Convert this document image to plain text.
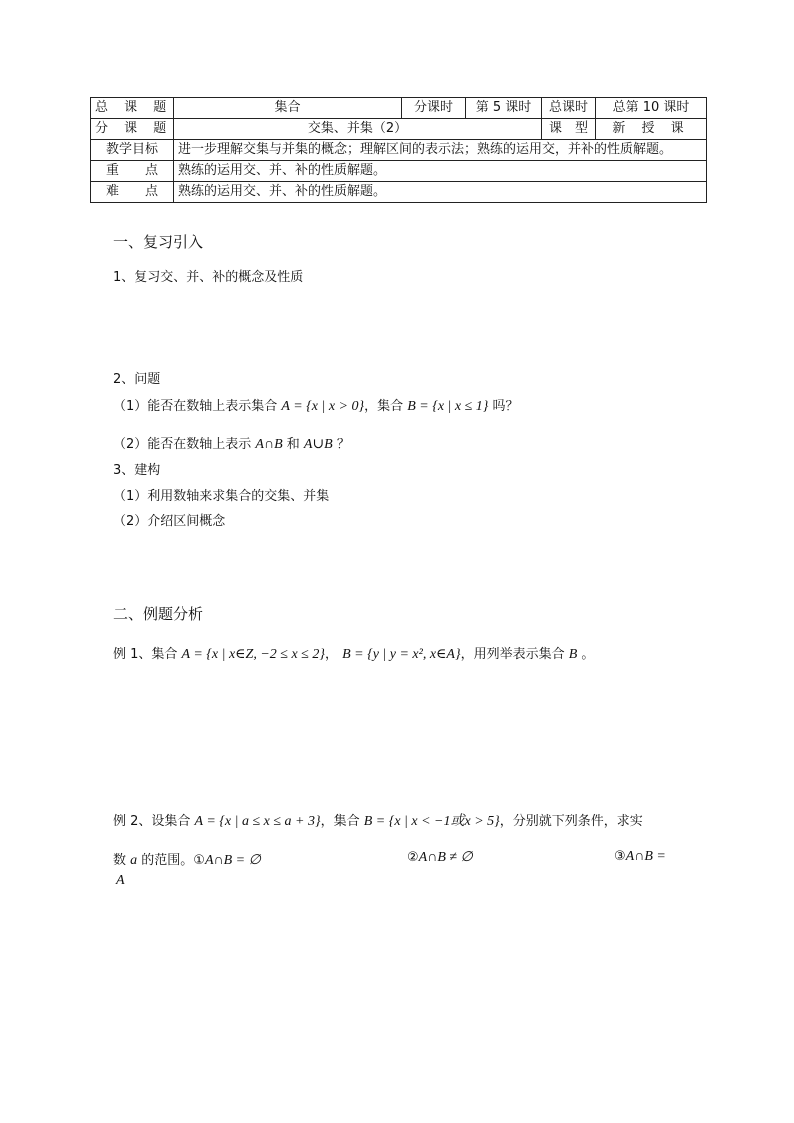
总 课 题	集合	分课时	第 5 课时	总课时	总第 10 课时
分 课 题	交集、并集（2）			课　型	新 授 课
教学目标	进一步理解交集与并集的概念；理解区间的表示法；熟练的运用交，并补的性质解题。				
重　　点	熟练的运用交、并、补的性质解题。				
难　　点	熟练的运用交、并、补的性质解题。				
一、复习引入
1、复习交、并、补的概念及性质
2、问题
（1）能否在数轴上表示集合 A = {x | x > 0}，集合 B = {x | x ≤ 1} 吗？
（2）能否在数轴上表示 A∩B 和 A∪B ？
3、建构
（1）利用数轴来求集合的交集、并集
（2）介绍区间概念
二、例题分析
例 1、集合 A = {x | x∈Z, −2 ≤ x ≤ 2}， B = {y | y = x², x∈A}，用列举表示集合 B 。
例 2、设集合 A = {x | a ≤ x ≤ a + 3}，集合 B = {x | x < −1或x > 5}，分别就下列条件，求实
数 a 的范围。①A∩B = ∅	②A∩B ≠ ∅	③A∩B =
A
